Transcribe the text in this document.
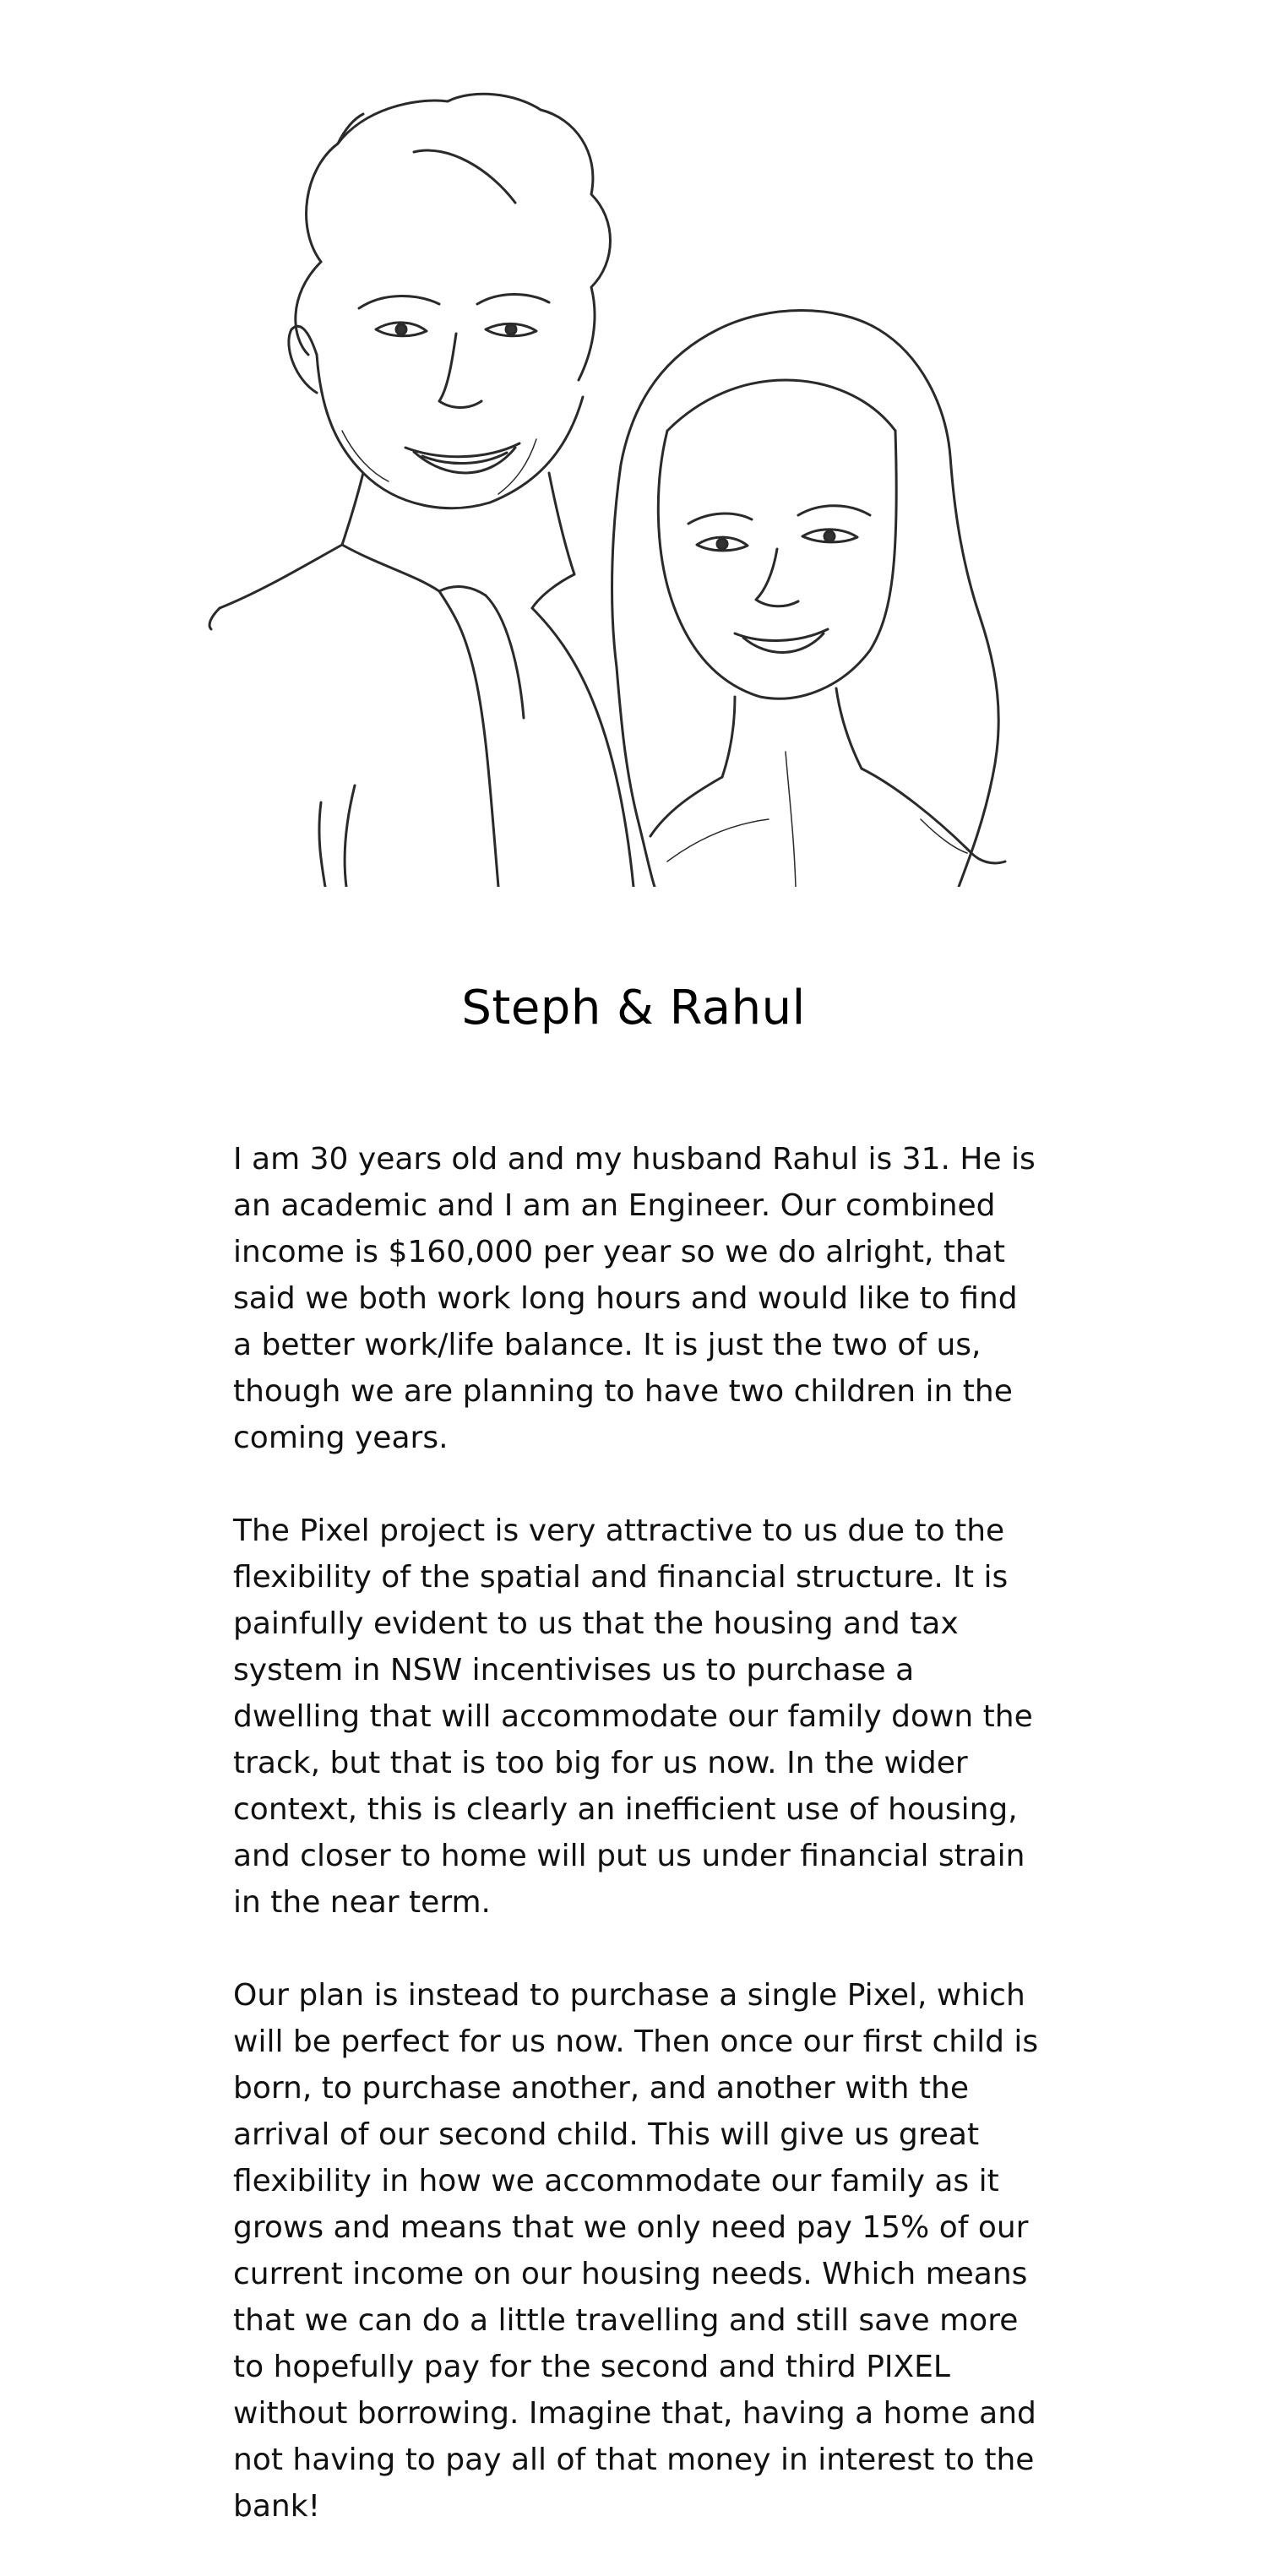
Steph & Rahul

I am 30 years old and my husband Rahul is 31. He is an academic and I am an Engineer. Our combined income is $160,000 per year so we do alright, that said we both work long hours and would like to find a better work/life balance. It is just the two of us, though we are planning to have two children in the coming years.

The Pixel project is very attractive to us due to the flexibility of the spatial and financial structure. It is painfully evident to us that the housing and tax system in NSW incentivises us to purchase a dwelling that will accommodate our family down the track, but that is too big for us now. In the wider context, this is clearly an inefficient use of housing, and closer to home will put us under financial strain in the near term.

Our plan is instead to purchase a single Pixel, which will be perfect for us now. Then once our first child is born, to purchase another, and another with the arrival of our second child. This will give us great flexibility in how we accommodate our family as it grows and means that we only need pay 15% of our current income on our housing needs. Which means that we can do a little travelling and still save more to hopefully pay for the second and third PIXEL without borrowing. Imagine that, having a home and not having to pay all of that money in interest to the bank!
